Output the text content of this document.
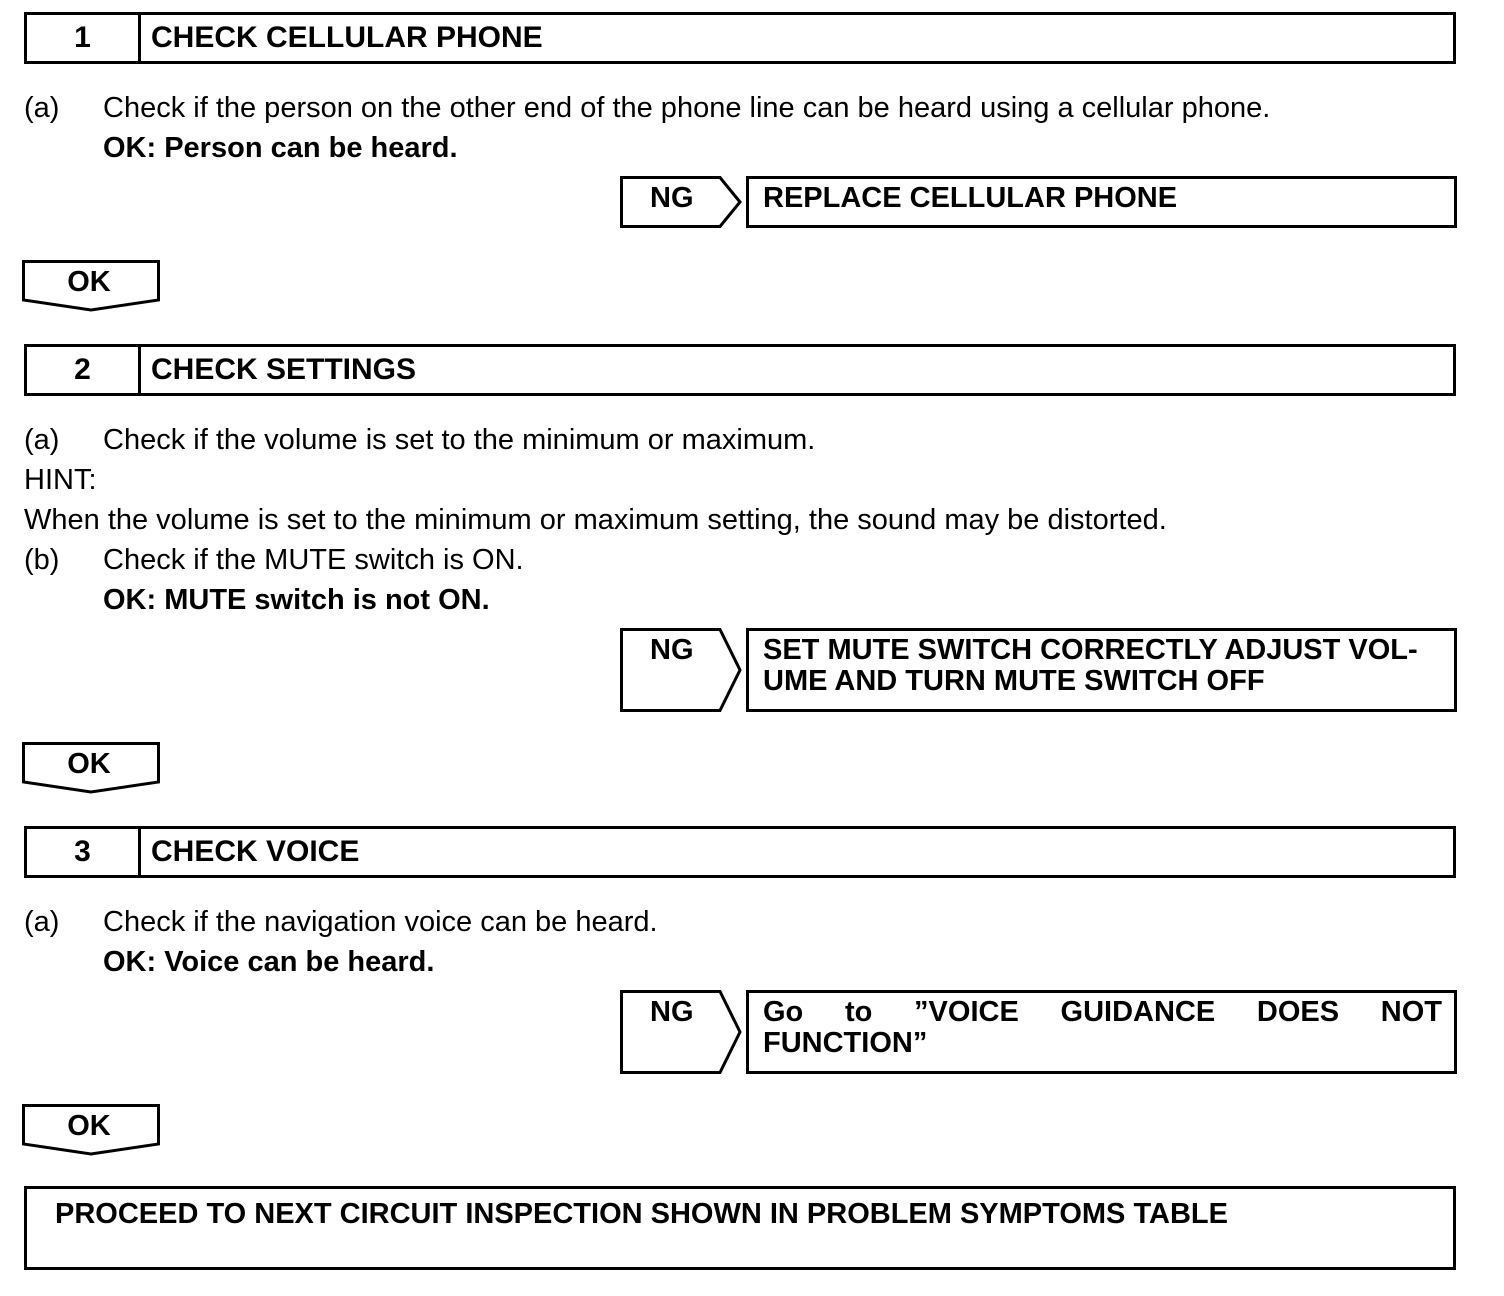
1	CHECK CELLULAR PHONE
(a) Check if the person on the other end of the phone line can be heard using a cellular phone.
OK: Person can be heard.
NG	REPLACE CELLULAR PHONE
OK
2	CHECK SETTINGS
(a) Check if the volume is set to the minimum or maximum.
HINT:
When the volume is set to the minimum or maximum setting, the sound may be distorted.
(b) Check if the MUTE switch is ON.
OK: MUTE switch is not ON.
NG	SET MUTE SWITCH CORRECTLY ADJUST VOL- UME AND TURN MUTE SWITCH OFF
OK
3	CHECK VOICE
(a) Check if the navigation voice can be heard.
OK: Voice can be heard.
NG	Go to ”VOICE GUIDANCE DOES NOT FUNCTION”
OK
PROCEED TO NEXT CIRCUIT INSPECTION SHOWN IN PROBLEM SYMPTOMS TABLE
